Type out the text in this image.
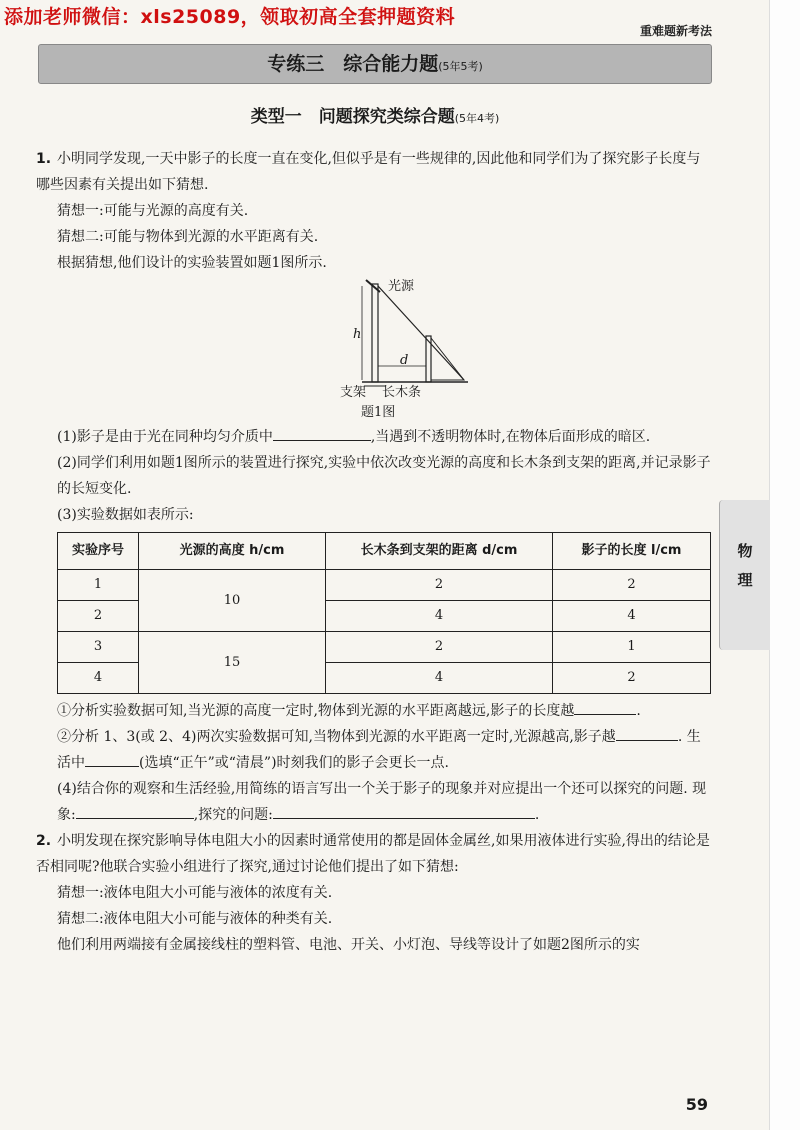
添加老师微信：xls25089，领取初高全套押题资料
重难题新考法
专练三　综合能力题(5年5考)
类型一　问题探究类综合题(5年4考)

1. 小明同学发现,一天中影子的长度一直在变化,但似乎是有一些规律的,因此他和同学们为了探究影子长度与哪些因素有关提出如下猜想.

猜想一:可能与光源的高度有关.

猜想二:可能与物体到光源的水平距离有关.

根据猜想,他们设计的实验装置如题1图所示.

光源
h
d
支架 长木条
题1图

(1)影子是由于光在同种均匀介质中	,当遇到不透明物体时,在物体后面形成的暗区.

(2)同学们利用如题1图所示的装置进行探究,实验中依次改变光源的高度和长木条到支架的距离,并记录影子的长短变化.

(3)实验数据如表所示:

实验序号	光源的高度 h/cm	长木条到支架的距离 d/cm	影子的长度 l/cm
1	10	2	2
2		4	4
3	15	2	1
4		4	2

①分析实验数据可知,当光源的高度一定时,物体到光源的水平距离越远,影子的长度越	.

②分析 1、3(或 2、4)两次实验数据可知,当物体到光源的水平距离一定时,光源越高,影子越	. 生活中	(选填“正午”或“清晨”)时刻我们的影子会更长一点.

(4)结合你的观察和生活经验,用简练的语言写出一个关于影子的现象并对应提出一个还可以探究的问题. 现象:	,探究的问题:	.

2. 小明发现在探究影响导体电阻大小的因素时通常使用的都是固体金属丝,如果用液体进行实验,得出的结论是否相同呢?他联合实验小组进行了探究,通过讨论他们提出了如下猜想:

猜想一:液体电阻大小可能与液体的浓度有关.

猜想二:液体电阻大小可能与液体的种类有关.

他们利用两端接有金属接线柱的塑料管、电池、开关、小灯泡、导线等设计了如题2图所示的实

物
理
59
